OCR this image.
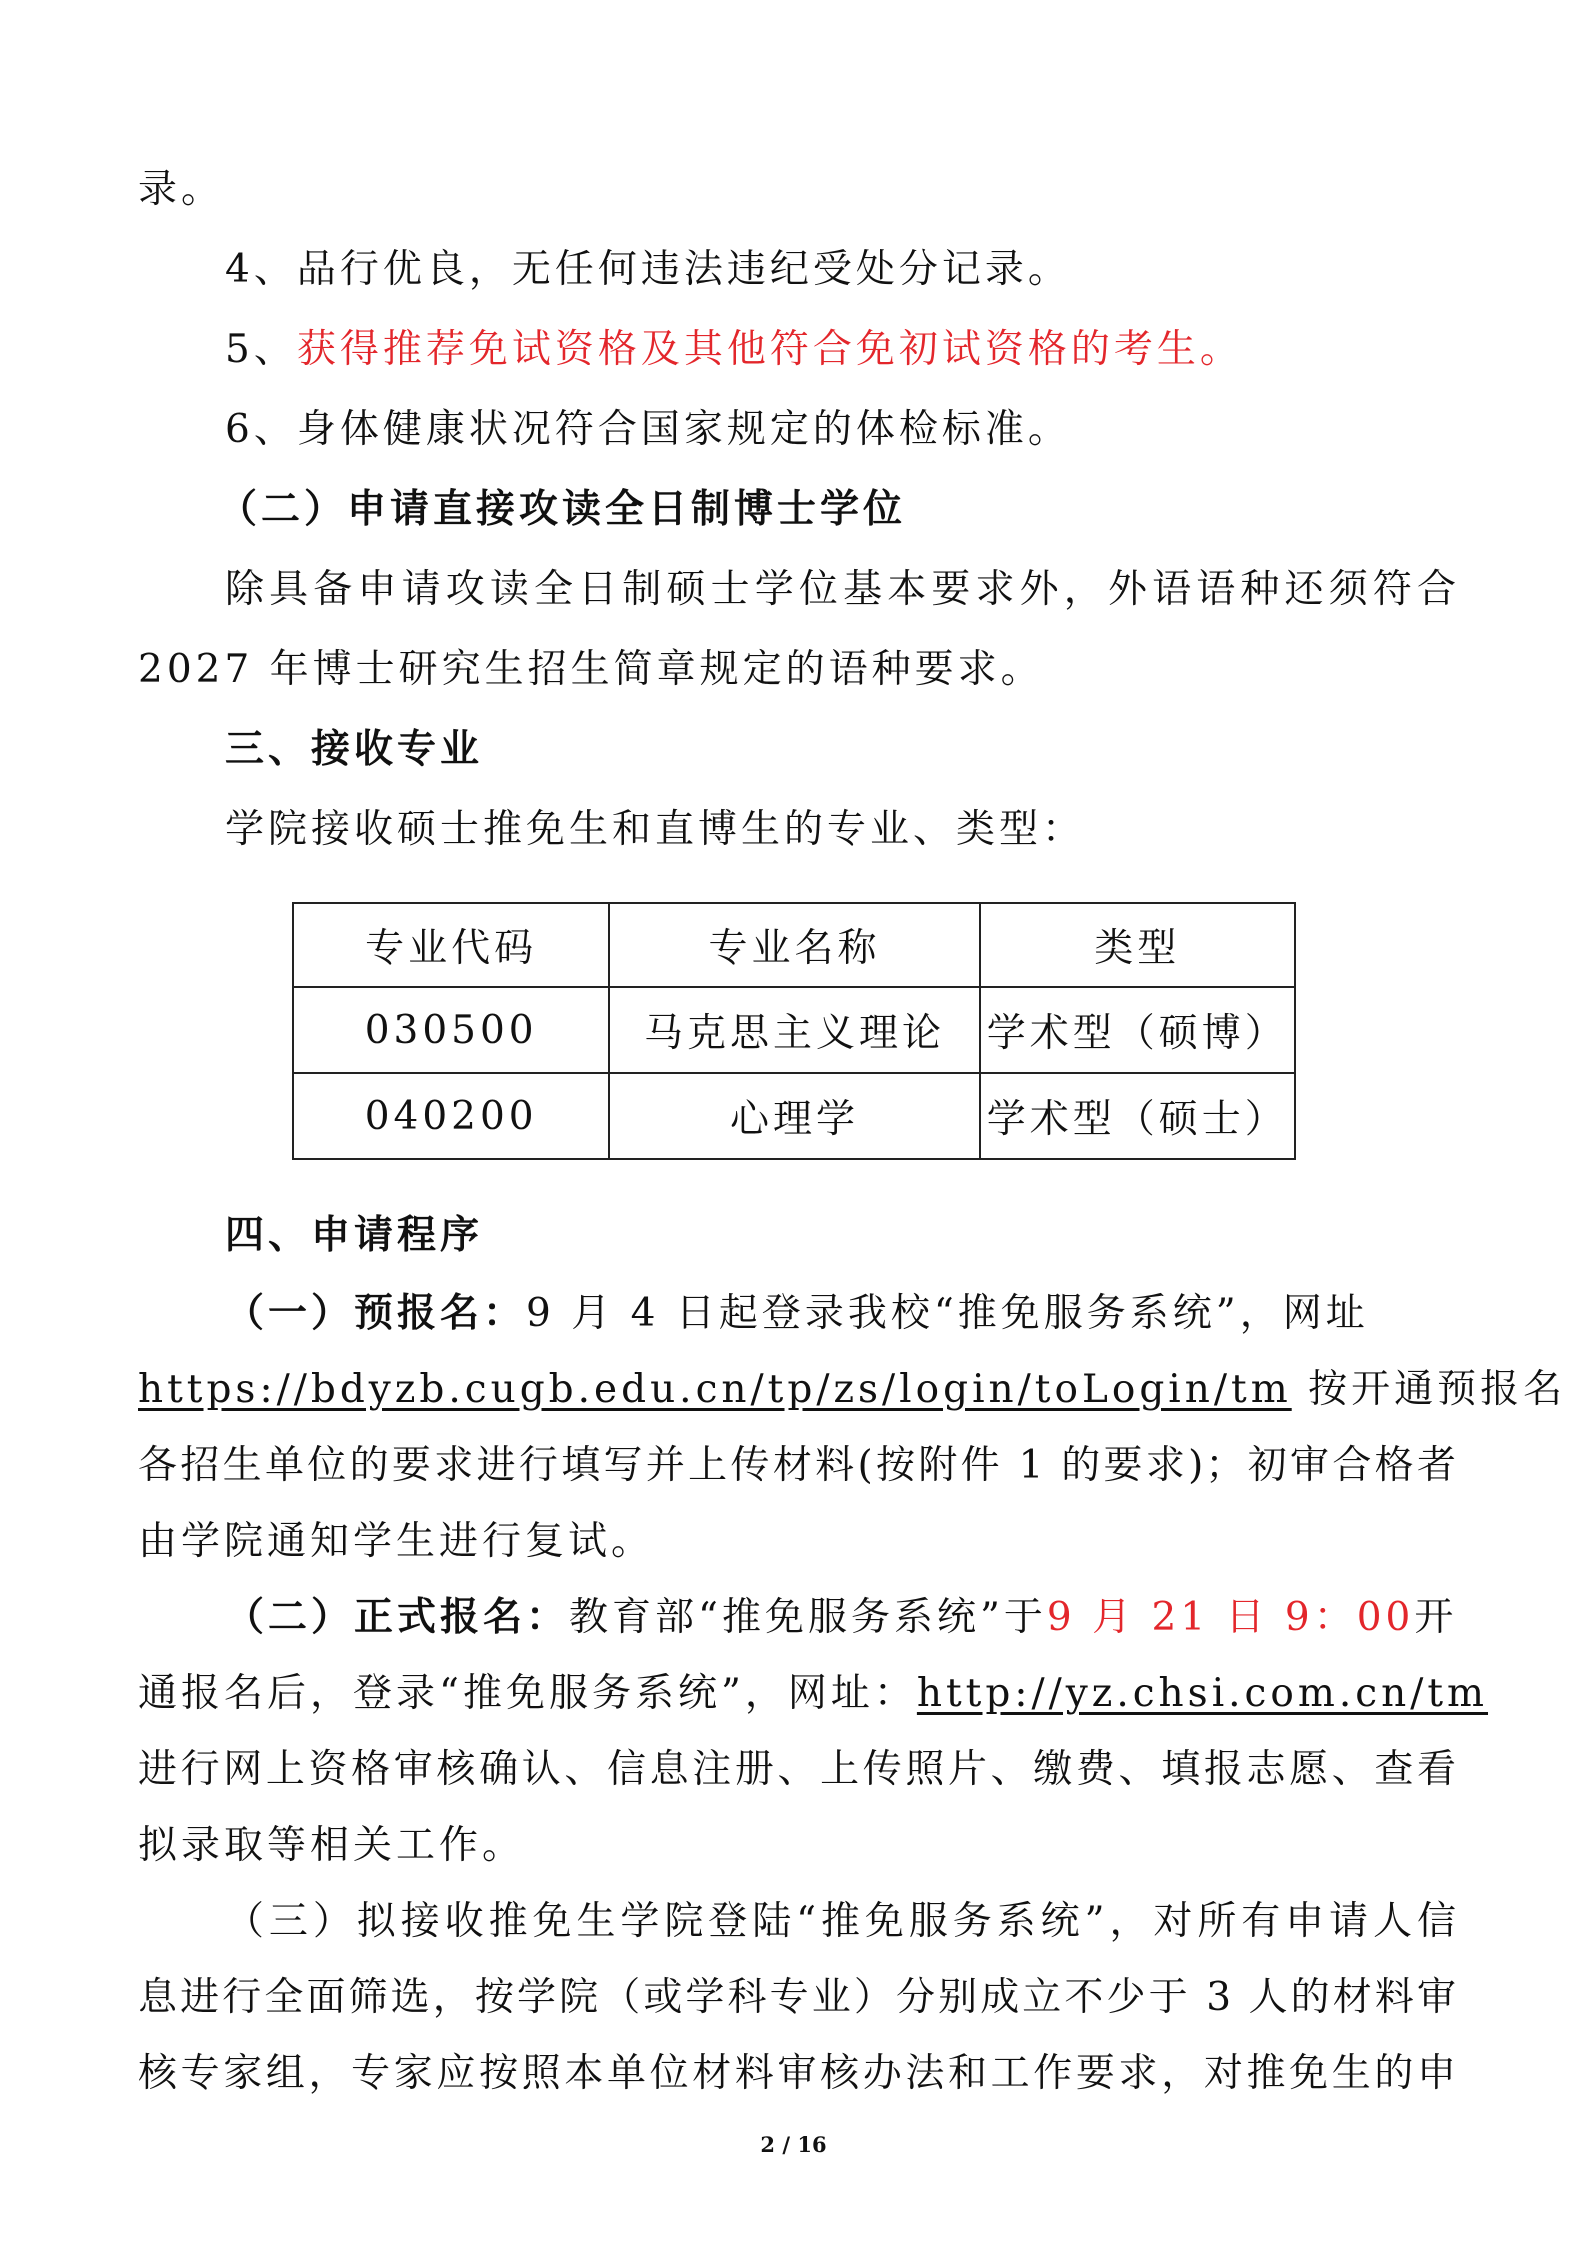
录。
4、品行优良，无任何违法违纪受处分记录。
5、获得推荐免试资格及其他符合免初试资格的考生。
6、身体健康状况符合国家规定的体检标准。
（二）申请直接攻读全日制博士学位
除具备申请攻读全日制硕士学位基本要求外，外语语种还须符合
2027 年博士研究生招生简章规定的语种要求。
三、接收专业
学院接收硕士推免生和直博生的专业、类型：
专业代码	专业名称	类型
030500	马克思主义理论	学术型（硕博）
040200	心理学	学术型（硕士）
四、申请程序
（一）预报名：9 月 4 日起登录我校“推免服务系统”，网址
https://bdyzb.cugb.edu.cn/tp/zs/login/toLogin/tm 按开通预报名
各招生单位的要求进行填写并上传材料(按附件 1 的要求)；初审合格者
由学院通知学生进行复试。
（二）正式报名：教育部“推免服务系统”于9 月 21 日 9：00开
通报名后，登录“推免服务系统”，网址：http://yz.chsi.com.cn/tm
进行网上资格审核确认、信息注册、上传照片、缴费、填报志愿、查看
拟录取等相关工作。
（三）拟接收推免生学院登陆“推免服务系统”，对所有申请人信
息进行全面筛选，按学院（或学科专业）分别成立不少于 3 人的材料审
核专家组，专家应按照本单位材料审核办法和工作要求，对推免生的申
2 / 16
